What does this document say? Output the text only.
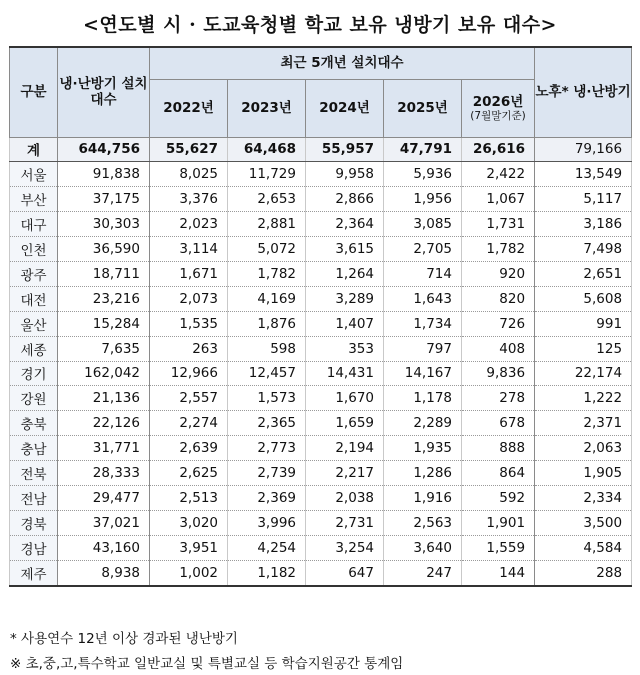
<연도별 시 · 도교육청별 학교 보유 냉방기 보유 대수>
구분	냉·난방기 설치대수	최근 5개년 설치대수					노후* 냉·난방기
		2022년	2023년	2024년	2025년	2026년
(7월말기준)	

계	644,756	55,627	64,468	55,957	47,791	26,616	79,166
서울	91,838	8,025	11,729	9,958	5,936	2,422	13,549
부산	37,175	3,376	2,653	2,866	1,956	1,067	5,117
대구	30,303	2,023	2,881	2,364	3,085	1,731	3,186
인천	36,590	3,114	5,072	3,615	2,705	1,782	7,498
광주	18,711	1,671	1,782	1,264	714	920	2,651
대전	23,216	2,073	4,169	3,289	1,643	820	5,608
울산	15,284	1,535	1,876	1,407	1,734	726	991
세종	7,635	263	598	353	797	408	125
경기	162,042	12,966	12,457	14,431	14,167	9,836	22,174
강원	21,136	2,557	1,573	1,670	1,178	278	1,222
충북	22,126	2,274	2,365	1,659	2,289	678	2,371
충남	31,771	2,639	2,773	2,194	1,935	888	2,063
전북	28,333	2,625	2,739	2,217	1,286	864	1,905
전남	29,477	2,513	2,369	2,038	1,916	592	2,334
경북	37,021	3,020	3,996	2,731	2,563	1,901	3,500
경남	43,160	3,951	4,254	3,254	3,640	1,559	4,584
제주	8,938	1,002	1,182	647	247	144	288
* 사용연수 12년 이상 경과된 냉난방기
※ 초,중,고,특수학교 일반교실 및 특별교실 등 학습지원공간 통계임
